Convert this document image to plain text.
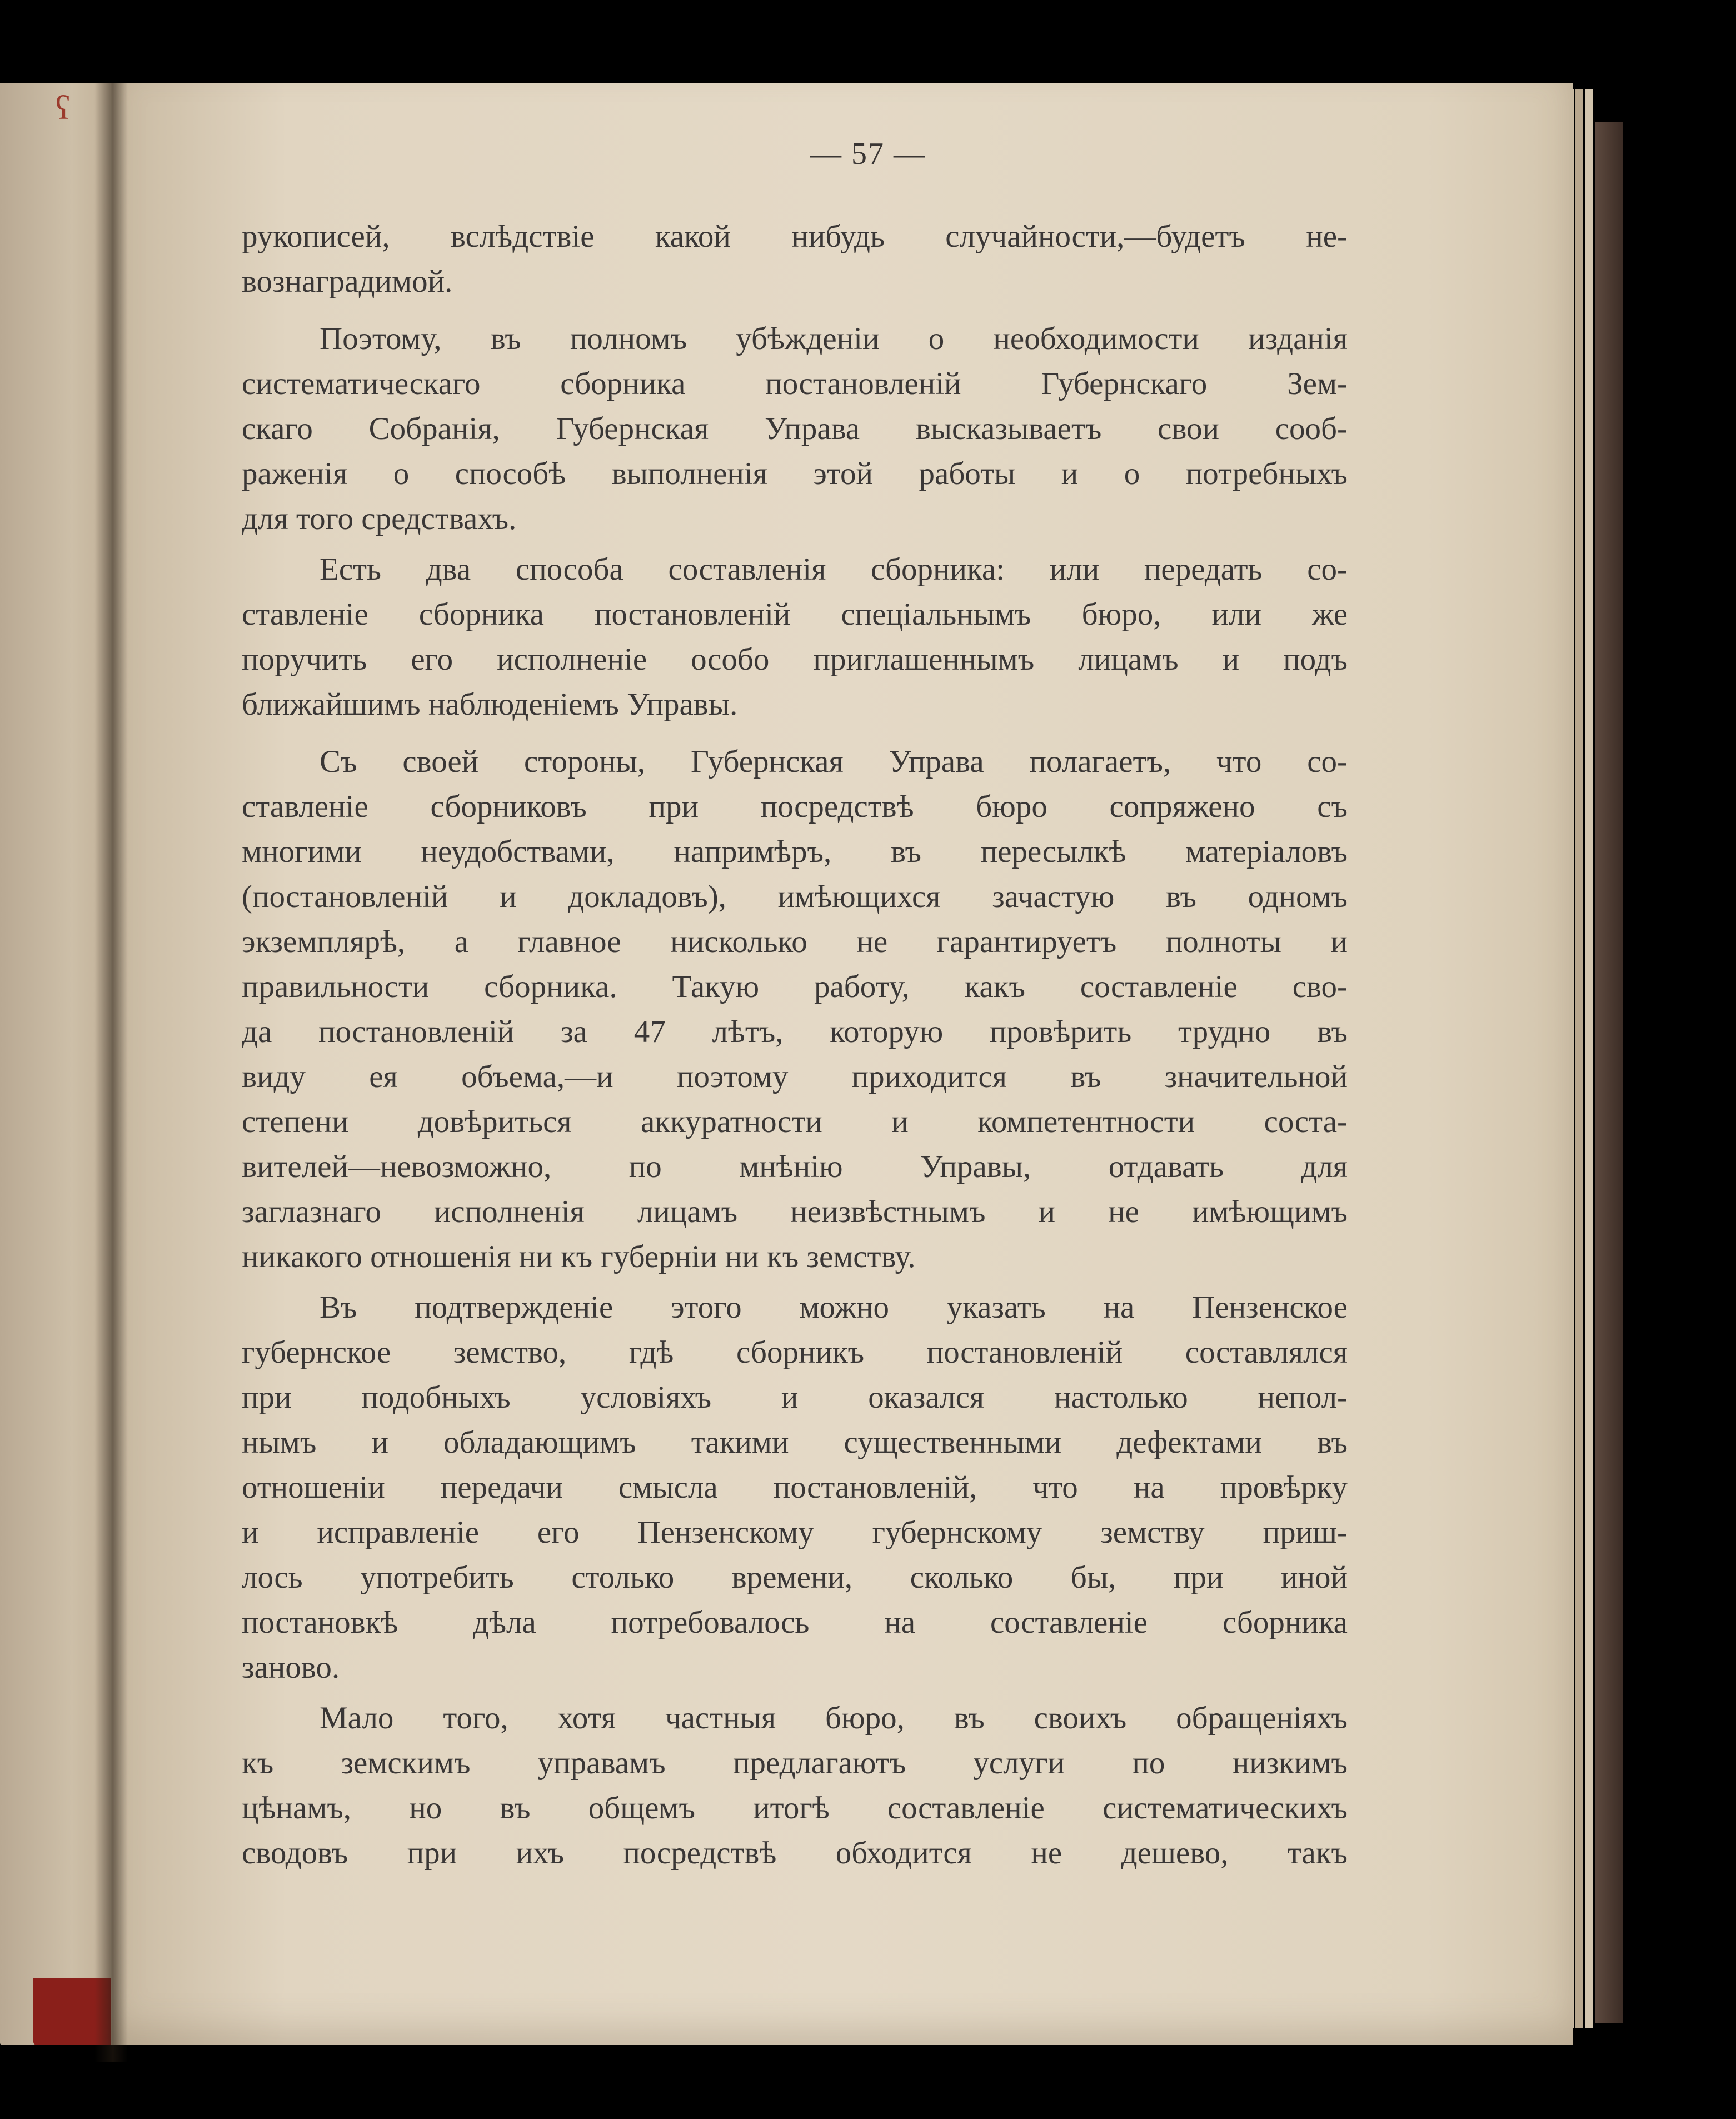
ʕ
— 57 —
рукописей, вслѣдствіе какой нибудь случайности,—будетъ не-
вознаградимой.
Поэтому, въ полномъ убѣжденіи о необходимости изданія
систематическаго сборника постановленій Губернскаго Зем-
скаго Собранія, Губернская Управа высказываетъ свои сооб-
раженія о способѣ выполненія этой работы и о потребныхъ
для того средствахъ.
Есть два способа составленія сборника: или передать со-
ставленіе сборника постановленій спеціальнымъ бюро, или же
поручить его исполненіе особо приглашеннымъ лицамъ и подъ
ближайшимъ наблюденіемъ Управы.
Съ своей стороны, Губернская Управа полагаетъ, что со-
ставленіе сборниковъ при посредствѣ бюро сопряжено съ
многими неудобствами, напримѣръ, въ пересылкѣ матеріаловъ
(постановленій и докладовъ), имѣющихся зачастую въ одномъ
экземплярѣ, а главное нисколько не гарантируетъ полноты и
правильности сборника. Такую работу, какъ составленіе сво-
да постановленій за 47 лѣтъ, которую провѣрить трудно въ
виду ея объема,—и поэтому приходится въ значительной
степени довѣриться аккуратности и компетентности соста-
вителей—невозможно, по мнѣнію Управы, отдавать для
заглазнаго исполненія лицамъ неизвѣстнымъ и не имѣющимъ
никакого отношенія ни къ губерніи ни къ земству.
Въ подтвержденіе этого можно указать на Пензенское
губернское земство, гдѣ сборникъ постановленій составлялся
при подобныхъ условіяхъ и оказался настолько непол-
нымъ и обладающимъ такими существенными дефектами въ
отношеніи передачи смысла постановленій, что на провѣрку
и исправленіе его Пензенскому губернскому земству приш-
лось употребить столько времени, сколько бы, при иной
постановкѣ дѣла потребовалось на составленіе сборника
заново.
Мало того, хотя частныя бюро, въ своихъ обращеніяхъ
къ земскимъ управамъ предлагаютъ услуги по низкимъ
цѣнамъ, но въ общемъ итогѣ составленіе систематическихъ
сводовъ при ихъ посредствѣ обходится не дешево, такъ
